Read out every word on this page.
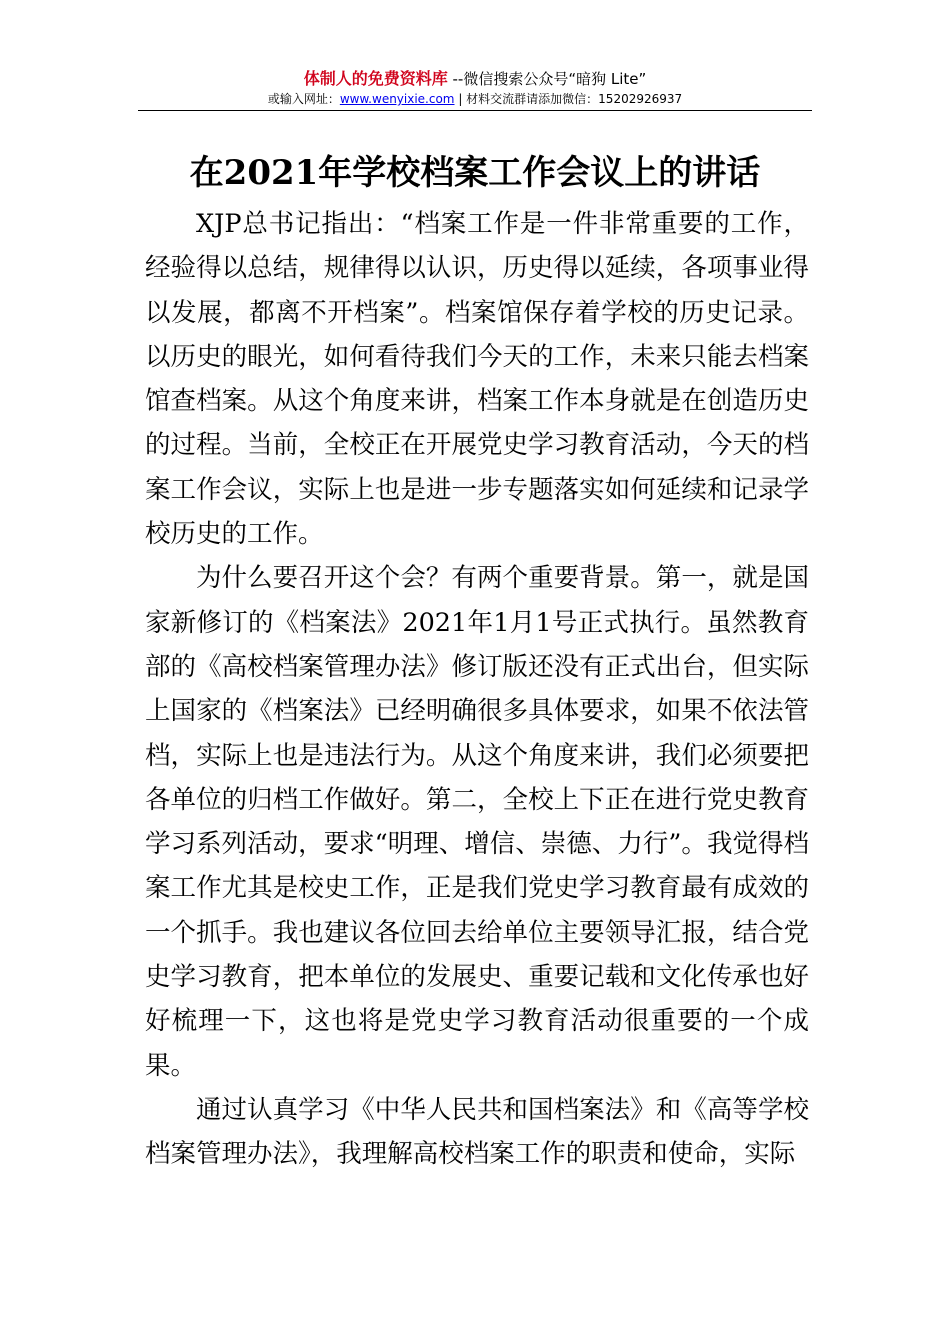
体制人的免费资料库 --微信搜索公众号“暗狗 Lite”
或输入网址：www.wenyixie.com | 材料交流群请添加微信：15202926937
在2021年学校档案工作会议上的讲话

XJP总书记指出：“档案工作是一件非常重要的工作，经验得以总结，规律得以认识，历史得以延续，各项事业得以发展，都离不开档案”。档案馆保存着学校的历史记录。以历史的眼光，如何看待我们今天的工作，未来只能去档案馆查档案。从这个角度来讲，档案工作本身就是在创造历史的过程。当前，全校正在开展党史学习教育活动，今天的档案工作会议，实际上也是进一步专题落实如何延续和记录学校历史的工作。

为什么要召开这个会？有两个重要背景。第一，就是国家新修订的《档案法》2021年1月1号正式执行。虽然教育部的《高校档案管理办法》修订版还没有正式出台，但实际上国家的《档案法》已经明确很多具体要求，如果不依法管档，实际上也是违法行为。从这个角度来讲，我们必须要把各单位的归档工作做好。第二，全校上下正在进行党史教育学习系列活动，要求“明理、增信、崇德、力行”。我觉得档案工作尤其是校史工作，正是我们党史学习教育最有成效的一个抓手。我也建议各位回去给单位主要领导汇报，结合党史学习教育，把本单位的发展史、重要记载和文化传承也好好梳理一下，这也将是党史学习教育活动很重要的一个成果。

通过认真学习《中华人民共和国档案法》和《高等学校档案管理办法》，我理解高校档案工作的职责和使命，实际
